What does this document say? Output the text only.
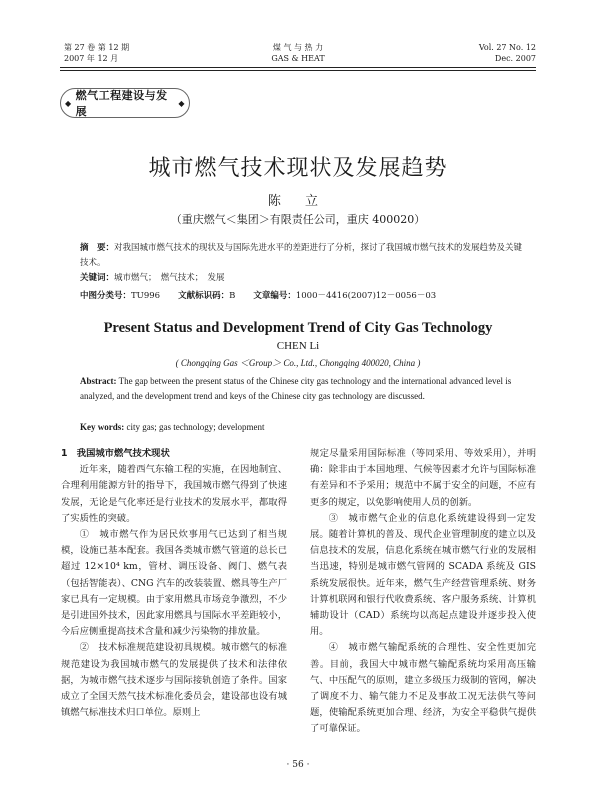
第 27 卷 第 12 期
2007 年 12 月
煤 气 与 热 力
GAS & HEAT
Vol. 27 No. 12
Dec. 2007
◆
燃气工程建设与发展
◆
城市燃气技术现状及发展趋势
陈 立
（重庆燃气＜集团＞有限责任公司，重庆 400020）
摘　要：对我国城市燃气技术的现状及与国际先进水平的差距进行了分析，探讨了我国城市燃气技术的发展趋势及关键技术。
关键词：城市燃气；　燃气技术；　发展
中图分类号：TU996 文献标识码：B 文章编号：1000－4416(2007)12－0056－03
Present Status and Development Trend of City Gas Technology
CHEN Li
( Chongqing Gas ＜Group＞ Co., Ltd., Chongqing 400020, China )
Abstract: The gap between the present status of the Chinese city gas technology and the international advanced level is analyzed, and the development trend and keys of the Chinese city gas technology are discussed.
Key words: city gas; gas technology; development
1　我国城市燃气技术现状

近年来，随着西气东输工程的实施，在因地制宜、合理利用能源方针的指导下，我国城市燃气得到了快速发展，无论是气化率还是行业技术的发展水平，都取得了实质性的突破。

①　城市燃气作为居民炊事用气已达到了相当规模，设施已基本配套。我国各类城市燃气管道的总长已超过 12×10⁴ km，管材、调压设备、阀门、燃气表（包括智能表）、CNG 汽车的改装装置、燃具等生产厂家已具有一定规模。由于家用燃具市场竞争激烈，不少是引进国外技术，因此家用燃具与国际水平差距较小，今后应侧重提高技术含量和减少污染物的排放量。

②　技术标准规范建设初具规模。城市燃气的标准规范建设为我国城市燃气的发展提供了技术和法律依据，为城市燃气技术逐步与国际接轨创造了条件。国家成立了全国天然气技术标准化委员会，建设部也设有城镇燃气标准技术归口单位。原则上

规定尽量采用国际标准（等同采用、等效采用），并明确：除非由于本国地理、气候等因素才允许与国际标准有差异和不予采用；规范中不属于安全的问题，不应有更多的规定，以免影响使用人员的创新。

③　城市燃气企业的信息化系统建设得到一定发展。随着计算机的普及、现代企业管理制度的建立以及信息技术的发展，信息化系统在城市燃气行业的发展相当迅速，特别是城市燃气管网的 SCADA 系统及 GIS 系统发展很快。近年来，燃气生产经营管理系统、财务计算机联网和银行代收费系统、客户服务系统、计算机辅助设计（CAD）系统均以高起点建设并逐步投入使用。

④　城市燃气输配系统的合理性、安全性更加完善。目前，我国大中城市燃气输配系统均采用高压输气、中压配气的原则，建立多级压力级制的管网，解决了调度不力、输气能力不足及事故工况无法供气等问题，使输配系统更加合理、经济，为安全平稳供气提供了可靠保证。

· 56 ·
